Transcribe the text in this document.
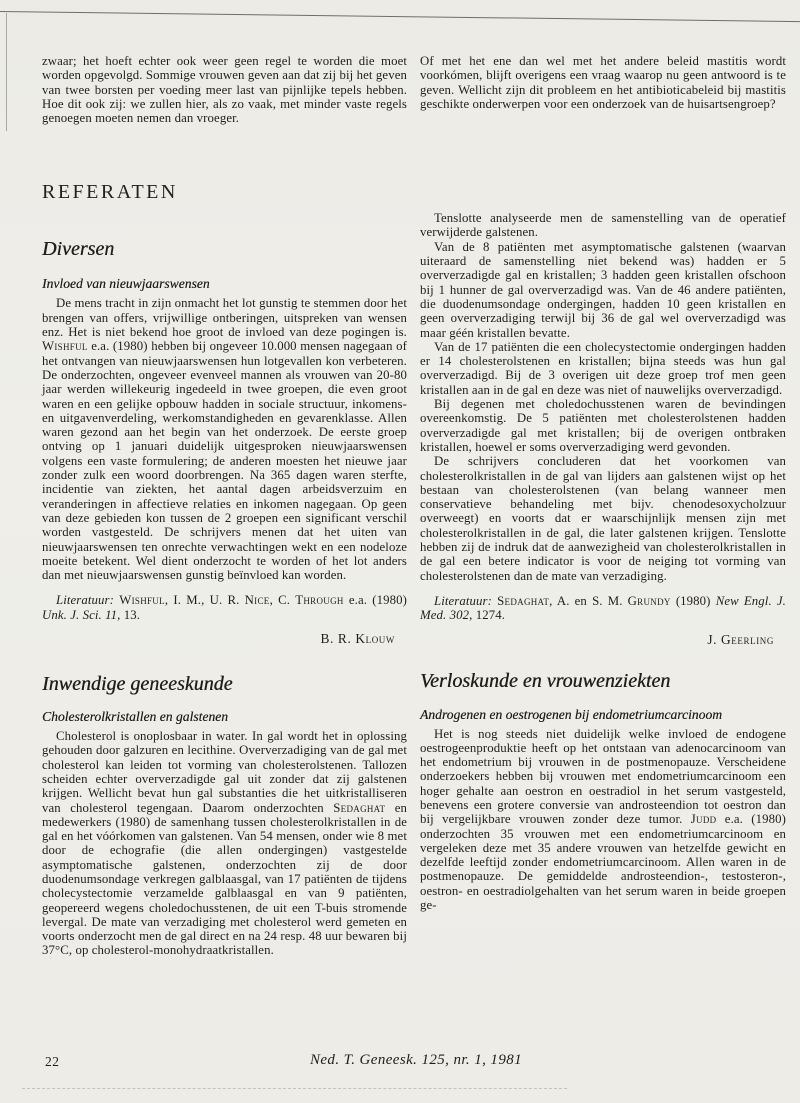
zwaar; het hoeft echter ook weer geen regel te worden die moet worden opgevolgd. Sommige vrouwen geven aan dat zij bij het geven van twee borsten per voeding meer last van pijnlijke tepels hebben. Hoe dit ook zij: we zullen hier, als zo vaak, met minder vaste regels genoegen moeten nemen dan vroeger.

REFERATEN
Diversen
Invloed van nieuwjaarswensen

De mens tracht in zijn onmacht het lot gunstig te stemmen door het brengen van offers, vrijwillige ontberingen, uitspreken van wensen enz. Het is niet bekend hoe groot de invloed van deze pogingen is. Wishful e.a. (1980) hebben bij ongeveer 10.000 mensen nagegaan of het ontvangen van nieuwjaarswensen hun lotgevallen kon verbeteren. De onderzochten, ongeveer evenveel mannen als vrouwen van 20-80 jaar werden willekeurig ingedeeld in twee groepen, die even groot waren en een gelijke opbouw hadden in sociale structuur, inkomens- en uitgavenverdeling, werkomstandigheden en gevarenklasse. Allen waren gezond aan het begin van het onderzoek. De eerste groep ontving op 1 januari duidelijk uitgesproken nieuwjaarswensen volgens een vaste formulering; de anderen moesten het nieuwe jaar zonder zulk een woord doorbrengen. Na 365 dagen waren sterfte, incidentie van ziekten, het aantal dagen arbeidsverzuim en veranderingen in affectieve relaties en inkomen nagegaan. Op geen van deze gebieden kon tussen de 2 groepen een significant verschil worden vastgesteld. De schrijvers menen dat het uiten van nieuwjaarswensen ten onrechte verwachtingen wekt en een nodeloze moeite betekent. Wel dient onderzocht te worden of het lot anders dan met nieuwjaarswensen gunstig beïnvloed kan worden.

Literatuur: Wishful, I. M., U. R. Nice, C. Through e.a. (1980) Unk. J. Sci. 11, 13.

B. R. Klouw

Inwendige geneeskunde
Cholesterolkristallen en galstenen

Cholesterol is onoplosbaar in water. In gal wordt het in oplossing gehouden door galzuren en lecithine. Oververzadiging van de gal met cholesterol kan leiden tot vorming van cholesterolstenen. Tallozen scheiden echter oververzadigde gal uit zonder dat zij galstenen krijgen. Wellicht bevat hun gal substanties die het uitkristalliseren van cholesterol tegengaan. Daarom onderzochten Sedaghat en medewerkers (1980) de samenhang tussen cholesterolkristallen in de gal en het vóórkomen van galstenen. Van 54 mensen, onder wie 8 met door de echografie (die allen ondergingen) vastgestelde asymptomatische galstenen, onderzochten zij de door duodenumsondage verkregen galblaasgal, van 17 patiënten de tijdens cholecystectomie verzamelde galblaasgal en van 9 patiënten, geopereerd wegens choledochusstenen, de uit een T-buis stromende levergal. De mate van verzadiging met cholesterol werd gemeten en voorts onderzocht men de gal direct en na 24 resp. 48 uur bewaren bij 37°C, op cholesterol-monohydraatkristallen.

Of met het ene dan wel met het andere beleid mastitis wordt voorkómen, blijft overigens een vraag waarop nu geen antwoord is te geven. Wellicht zijn dit probleem en het antibioticabeleid bij mastitis geschikte onderwerpen voor een onderzoek van de huisartsengroep?

Tenslotte analyseerde men de samenstelling van de operatief verwijderde galstenen.

Van de 8 patiënten met asymptomatische galstenen (waarvan uiteraard de samenstelling niet bekend was) hadden er 5 oververzadigde gal en kristallen; 3 hadden geen kristallen ofschoon bij 1 hunner de gal oververzadigd was. Van de 46 andere patiënten, die duodenumsondage ondergingen, hadden 10 geen kristallen en geen oververzadiging terwijl bij 36 de gal wel oververzadigd was maar géén kristallen bevatte.

Van de 17 patiënten die een cholecystectomie ondergingen hadden er 14 cholesterolstenen en kristallen; bijna steeds was hun gal oververzadigd. Bij de 3 overigen uit deze groep trof men geen kristallen aan in de gal en deze was niet of nauwelijks oververzadigd.

Bij degenen met choledochusstenen waren de bevindingen overeenkomstig. De 5 patiënten met cholesterolstenen hadden oververzadigde gal met kristallen; bij de overigen ontbraken kristallen, hoewel er soms oververzadiging werd gevonden.

De schrijvers concluderen dat het voorkomen van cholesterolkristallen in de gal van lijders aan galstenen wijst op het bestaan van cholesterolstenen (van belang wanneer men conservatieve behandeling met bijv. chenodesoxycholzuur overweegt) en voorts dat er waarschijnlijk mensen zijn met cholesterolkristallen in de gal, die later galstenen krijgen. Tenslotte hebben zij de indruk dat de aanwezigheid van cholesterolkristallen in de gal een betere indicator is voor de neiging tot vorming van cholesterolstenen dan de mate van verzadiging.

Literatuur: Sedaghat, A. en S. M. Grundy (1980) New Engl. J. Med. 302, 1274.

J. Geerling

Verloskunde en vrouwenziekten
Androgenen en oestrogenen bij endometriumcarcinoom

Het is nog steeds niet duidelijk welke invloed de endogene oestrogeenproduktie heeft op het ontstaan van adenocarcinoom van het endometrium bij vrouwen in de postmenopauze. Verscheidene onderzoekers hebben bij vrouwen met endometriumcarcinoom een hoger gehalte aan oestron en oestradiol in het serum vastgesteld, benevens een grotere conversie van androsteendion tot oestron dan bij vergelijkbare vrouwen zonder deze tumor. Judd e.a. (1980) onderzochten 35 vrouwen met een endometriumcarcinoom en vergeleken deze met 35 andere vrouwen van hetzelfde gewicht en dezelfde leeftijd zonder endometriumcarcinoom. Allen waren in de postmenopauze. De gemiddelde androsteendion-, testosteron-, oestron- en oestradiolgehalten van het serum waren in beide groepen ge-

22	Ned. T. Geneesk. 125, nr. 1, 1981
